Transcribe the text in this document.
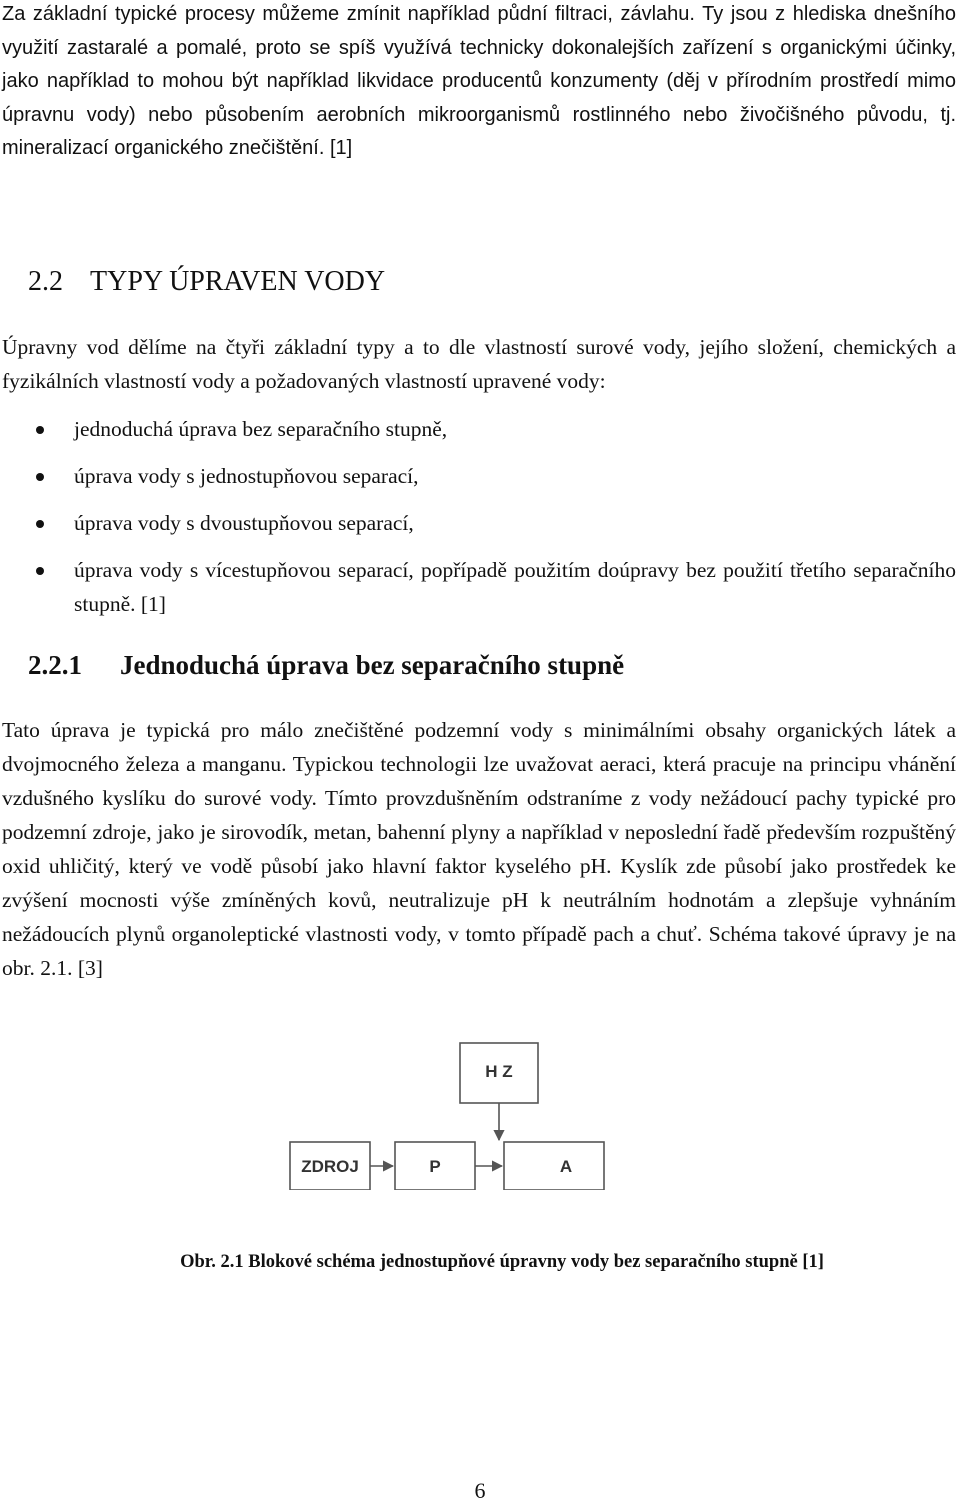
Za základní typické procesy můžeme zmínit například půdní filtraci, závlahu. Ty jsou z hlediska dnešního využití zastaralé a pomalé, proto se spíš využívá technicky dokonalejších zařízení s organickými účinky, jako například to mohou být například likvidace producentů konzumenty (děj v přírodním prostředí mimo úpravnu vody) nebo působením aerobních mikroorganismů rostlinného nebo živočišného původu, tj. mineralizací organického znečištění. [1]

2.2 TYPY ÚPRAVEN VODY

Úpravny vod dělíme na čtyři základní typy a to dle vlastností surové vody, jejího složení, chemických a fyzikálních vlastností vody a požadovaných vlastností upravené vody:

jednoduchá úprava bez separačního stupně,
úprava vody s jednostupňovou separací,
úprava vody s dvoustupňovou separací,
úprava vody s vícestupňovou separací, popřípadě použitím doúpravy bez použití třetího separačního stupně. [1]
2.2.1 Jednoduchá úprava bez separačního stupně

Tato úprava je typická pro málo znečištěné podzemní vody s minimálními obsahy organických látek a dvojmocného železa a manganu. Typickou technologii lze uvažovat aeraci, která pracuje na principu vhánění vzdušného kyslíku do surové vody. Tímto provzdušněním odstraníme z vody nežádoucí pachy typické pro podzemní zdroje, jako je sirovodík, metan, bahenní plyny a například v neposlední řadě především rozpuštěný oxid uhličitý, který ve vodě působí jako hlavní faktor kyselého pH. Kyslík zde působí jako prostředek ke zvýšení mocnosti výše zmíněných kovů, neutralizuje pH k neutrálním hodnotám a zlepšuje vyhnáním nežádoucích plynů organoleptické vlastnosti vody, v tomto případě pach a chuť. Schéma takové úpravy je na obr. 2.1. [3]

H Z
ZDROJ	P	A
Obr. 2.1 Blokové schéma jednostupňové úpravny vody bez separačního stupně [1]
6
